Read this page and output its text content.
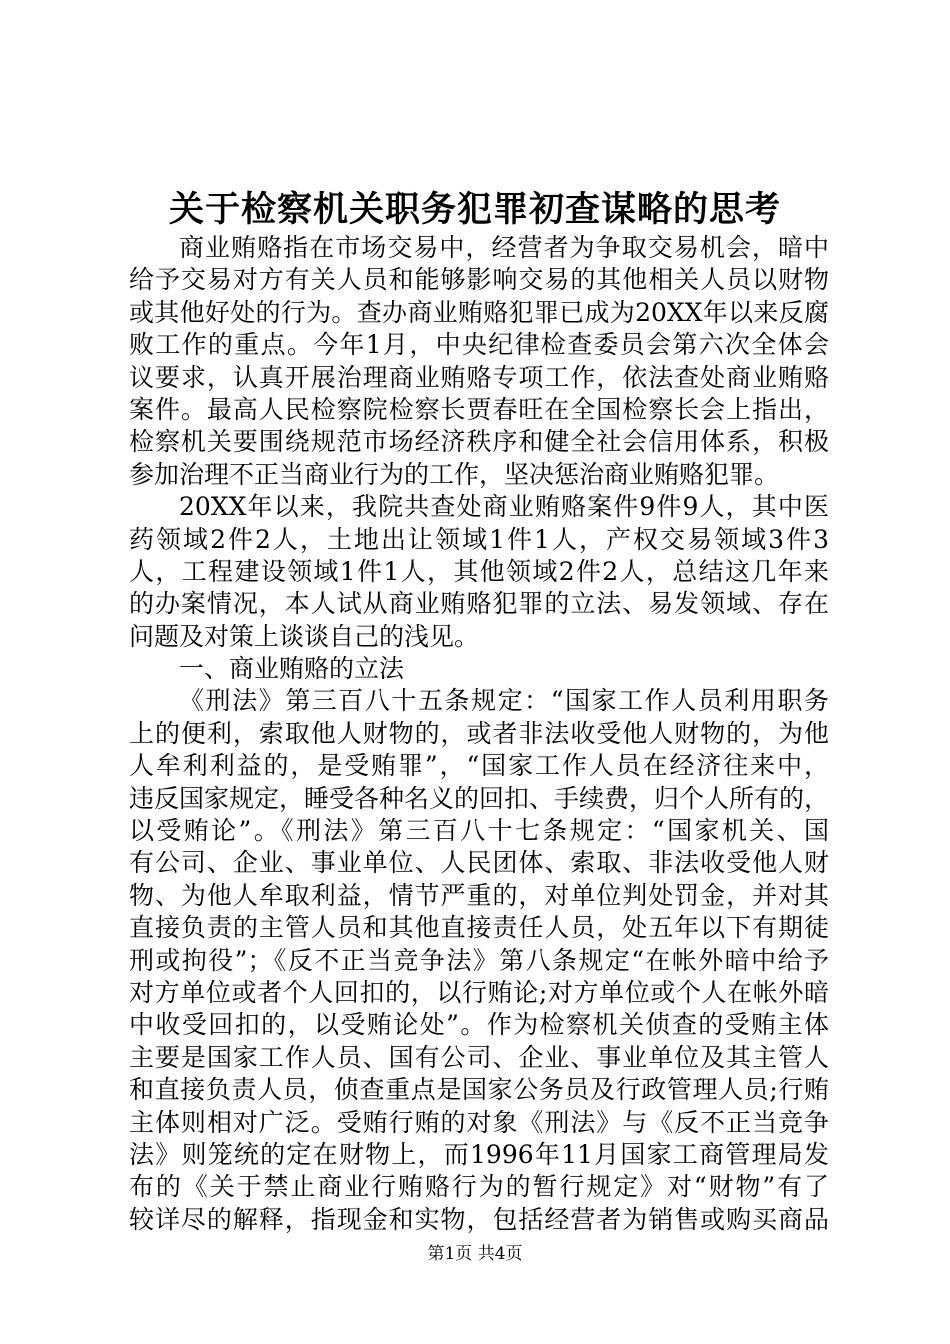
关于检察机关职务犯罪初查谋略的思考
商业贿赂指在市场交易中，经营者为争取交易机会，暗中
给予交易对方有关人员和能够影响交易的其他相关人员以财物
或其他好处的行为。查办商业贿赂犯罪已成为20XX年以来反腐
败工作的重点。今年1月，中央纪律检查委员会第六次全体会
议要求，认真开展治理商业贿赂专项工作，依法查处商业贿赂
案件。最高人民检察院检察长贾春旺在全国检察长会上指出，
检察机关要围绕规范市场经济秩序和健全社会信用体系，积极
参加治理不正当商业行为的工作，坚决惩治商业贿赂犯罪。
20XX年以来，我院共查处商业贿赂案件9件9人，其中医
药领域2件2人，土地出让领域1件1人，产权交易领域3件3
人，工程建设领域1件1人，其他领域2件2人，总结这几年来
的办案情况，本人试从商业贿赂犯罪的立法、易发领域、存在
问题及对策上谈谈自己的浅见。
一、商业贿赂的立法
《刑法》第三百八十五条规定：“国家工作人员利用职务
上的便利，索取他人财物的，或者非法收受他人财物的，为他
人牟利利益的，是受贿罪”，“国家工作人员在经济往来中，
违反国家规定，睡受各种名义的回扣、手续费，归个人所有的，
以受贿论”。《刑法》第三百八十七条规定：“国家机关、国
有公司、企业、事业单位、人民团体、索取、非法收受他人财
物、为他人牟取利益，情节严重的，对单位判处罚金，并对其
直接负责的主管人员和其他直接责任人员，处五年以下有期徒
刑或拘役”；《反不正当竞争法》第八条规定“在帐外暗中给予
对方单位或者个人回扣的，以行贿论;对方单位或个人在帐外暗
中收受回扣的，以受贿论处”。作为检察机关侦查的受贿主体
主要是国家工作人员、国有公司、企业、事业单位及其主管人
和直接负责人员，侦查重点是国家公务员及行政管理人员;行贿
主体则相对广泛。受贿行贿的对象《刑法》与《反不正当竞争
法》则笼统的定在财物上，而1996年11月国家工商管理局发
布的《关于禁止商业行贿赂行为的暂行规定》对“财物”有了
较详尽的解释，指现金和实物，包括经营者为销售或购买商品
第1页 共4页
